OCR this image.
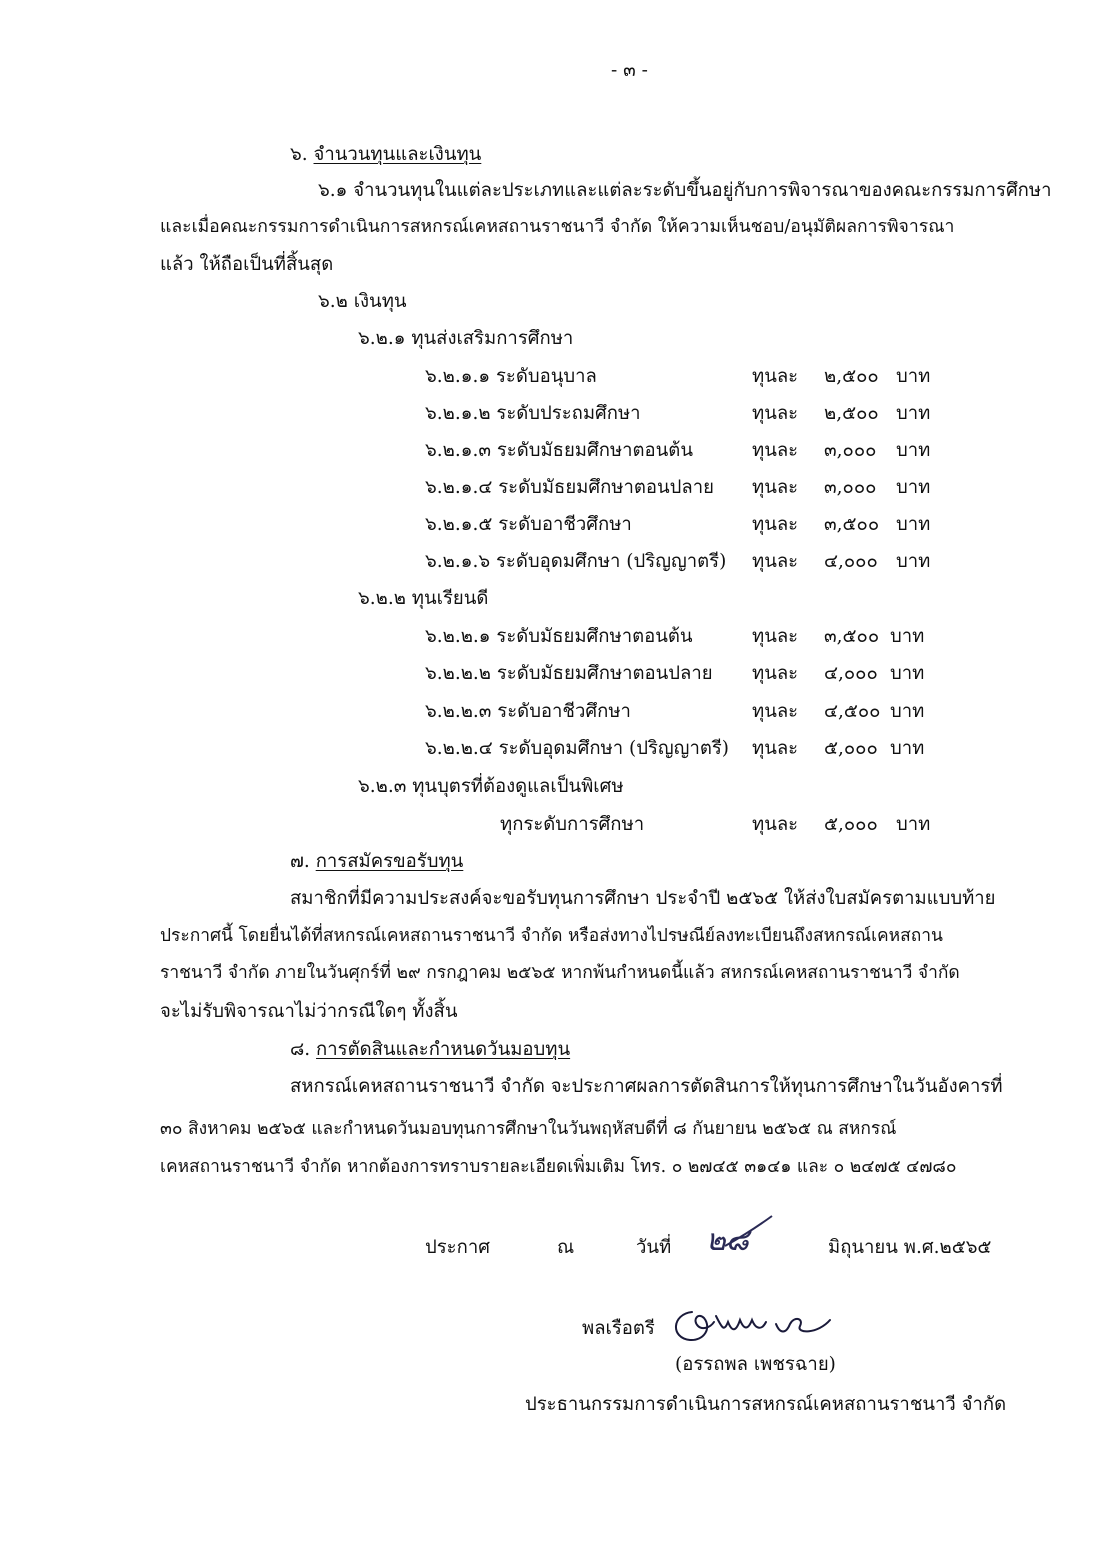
- ๓ -
๖. จำนวนทุนและเงินทุน
๖.๑ จำนวนทุนในแต่ละประเภทและแต่ละระดับขึ้นอยู่กับการพิจารณาของคณะกรรมการศึกษา
และเมื่อคณะกรรมการดำเนินการสหกรณ์เคหสถานราชนาวี จำกัด ให้ความเห็นชอบ/อนุมัติผลการพิจารณา
แล้ว ให้ถือเป็นที่สิ้นสุด
๖.๒ เงินทุน
๖.๒.๑ ทุนส่งเสริมการศึกษา
๖.๒.๑.๑ ระดับอนุบาล	ทุนละ ๒,๕๐๐ บาท
๖.๒.๑.๒ ระดับประถมศึกษา	ทุนละ ๒,๕๐๐ บาท
๖.๒.๑.๓ ระดับมัธยมศึกษาตอนต้น	ทุนละ ๓,๐๐๐ บาท
๖.๒.๑.๔ ระดับมัธยมศึกษาตอนปลาย ทุนละ ๓,๐๐๐ บาท
๖.๒.๑.๕ ระดับอาชีวศึกษา	ทุนละ ๓,๕๐๐ บาท
๖.๒.๑.๖ ระดับอุดมศึกษา (ปริญญาตรี) ทุนละ ๔,๐๐๐ บาท
๖.๒.๒ ทุนเรียนดี
๖.๒.๒.๑ ระดับมัธยมศึกษาตอนต้น	ทุนละ ๓,๕๐๐ บาท
๖.๒.๒.๒ ระดับมัธยมศึกษาตอนปลาย ทุนละ ๔,๐๐๐ บาท
๖.๒.๒.๓ ระดับอาชีวศึกษา	ทุนละ ๔,๕๐๐ บาท
๖.๒.๒.๔ ระดับอุดมศึกษา (ปริญญาตรี) ทุนละ ๕,๐๐๐ บาท
๖.๒.๓ ทุนบุตรที่ต้องดูแลเป็นพิเศษ
ทุกระดับการศึกษา	ทุนละ ๕,๐๐๐ บาท
๗. การสมัครขอรับทุน
สมาชิกที่มีความประสงค์จะขอรับทุนการศึกษา ประจำปี ๒๕๖๕ ให้ส่งใบสมัครตามแบบท้าย
ประกาศนี้ โดยยื่นได้ที่สหกรณ์เคหสถานราชนาวี จำกัด หรือส่งทางไปรษณีย์ลงทะเบียนถึงสหกรณ์เคหสถาน
ราชนาวี จำกัด ภายในวันศุกร์ที่ ๒๙ กรกฎาคม ๒๕๖๕ หากพ้นกำหนดนี้แล้ว สหกรณ์เคหสถานราชนาวี จำกัด
จะไม่รับพิจารณาไม่ว่ากรณีใดๆ ทั้งสิ้น
๘. การตัดสินและกำหนดวันมอบทุน
สหกรณ์เคหสถานราชนาวี จำกัด จะประกาศผลการตัดสินการให้ทุนการศึกษาในวันอังคารที่
๓๐ สิงหาคม ๒๕๖๕ และกำหนดวันมอบทุนการศึกษาในวันพฤหัสบดีที่ ๘ กันยายน ๒๕๖๕ ณ สหกรณ์
เคหสถานราชนาวี จำกัด หากต้องการทราบรายละเอียดเพิ่มเติม โทร. ๐ ๒๗๔๕ ๓๑๔๑ และ ๐ ๒๔๗๕ ๔๗๘๐
ประกาศ	ณ	วันที่ ๒๘	มิถุนายน พ.ศ.๒๕๖๕
พลเรือตรี
(อรรถพล เพชรฉาย)
ประธานกรรมการดำเนินการสหกรณ์เคหสถานราชนาวี จำกัด
